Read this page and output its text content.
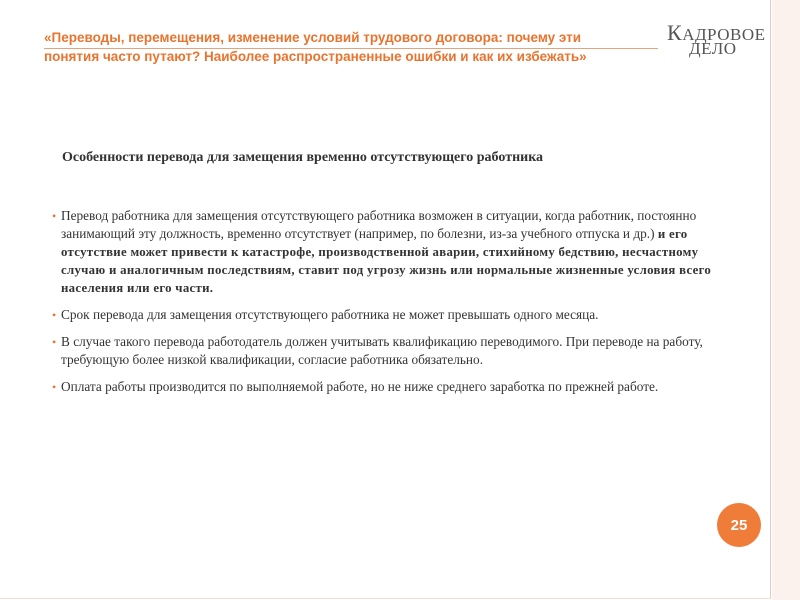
«Переводы, перемещения, изменение условий трудового договора: почему эти
понятия часто путают? Наиболее распространенные ошибки и как их избежать»
КАДРОВОЕ
ДЕЛО
Особенности перевода для замещения временно отсутствующего работника
• Перевод работника для замещения отсутствующего работника возможен в ситуации, когда работник, постоянно занимающий эту должность, временно отсутствует (например, по болезни, из-за учебного отпуска и др.) и его отсутствие может привести к катастрофе, производственной аварии, стихийному бедствию, несчастному случаю и аналогичным последствиям, ставит под угрозу жизнь или нормальные жизненные условия всего населения или его части.
• Срок перевода для замещения отсутствующего работника не может превышать одного месяца.
• В случае такого перевода работодатель должен учитывать квалификацию переводимого. При переводе на работу, требующую более низкой квалификации, согласие работника обязательно.
• Оплата работы производится по выполняемой работе, но не ниже среднего заработка по прежней работе.
25
